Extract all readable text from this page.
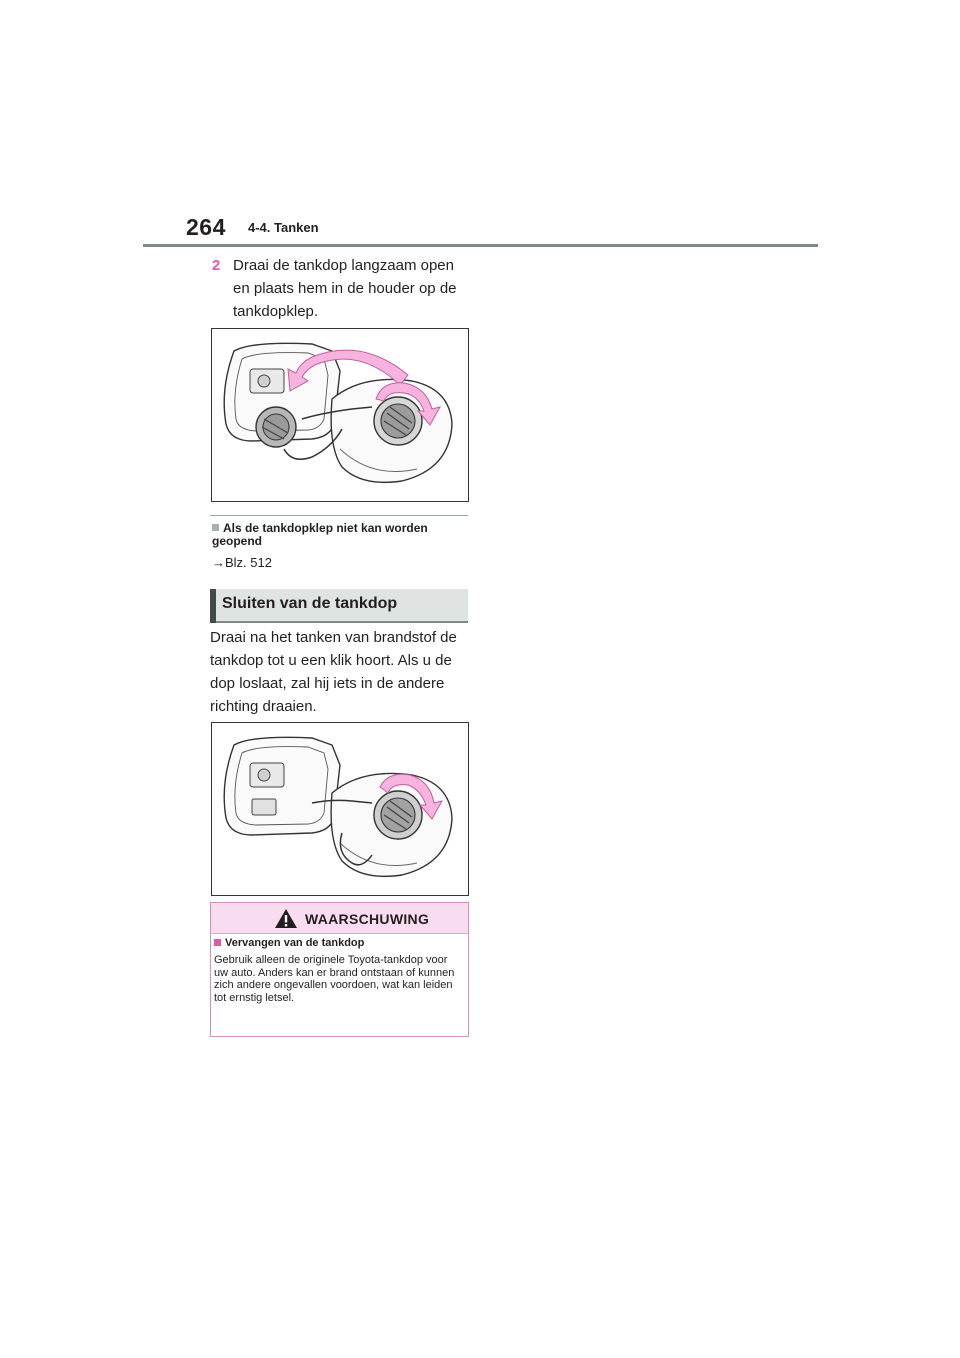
264 4-4. Tanken
2 Draai de tankdop langzaam open en plaats hem in de houder op de tankdopklep.
Als de tankdopklep niet kan worden geopend
→Blz. 512
Sluiten van de tankdop
Draai na het tanken van brandstof de tankdop tot u een klik hoort. Als u de dop loslaat, zal hij iets in de andere richting draaien.
WAARSCHUWING
Vervangen van de tankdop
Gebruik alleen de originele Toyota-tankdop voor uw auto. Anders kan er brand ontstaan of kunnen zich andere ongevallen voordoen, wat kan leiden tot ernstig letsel.
